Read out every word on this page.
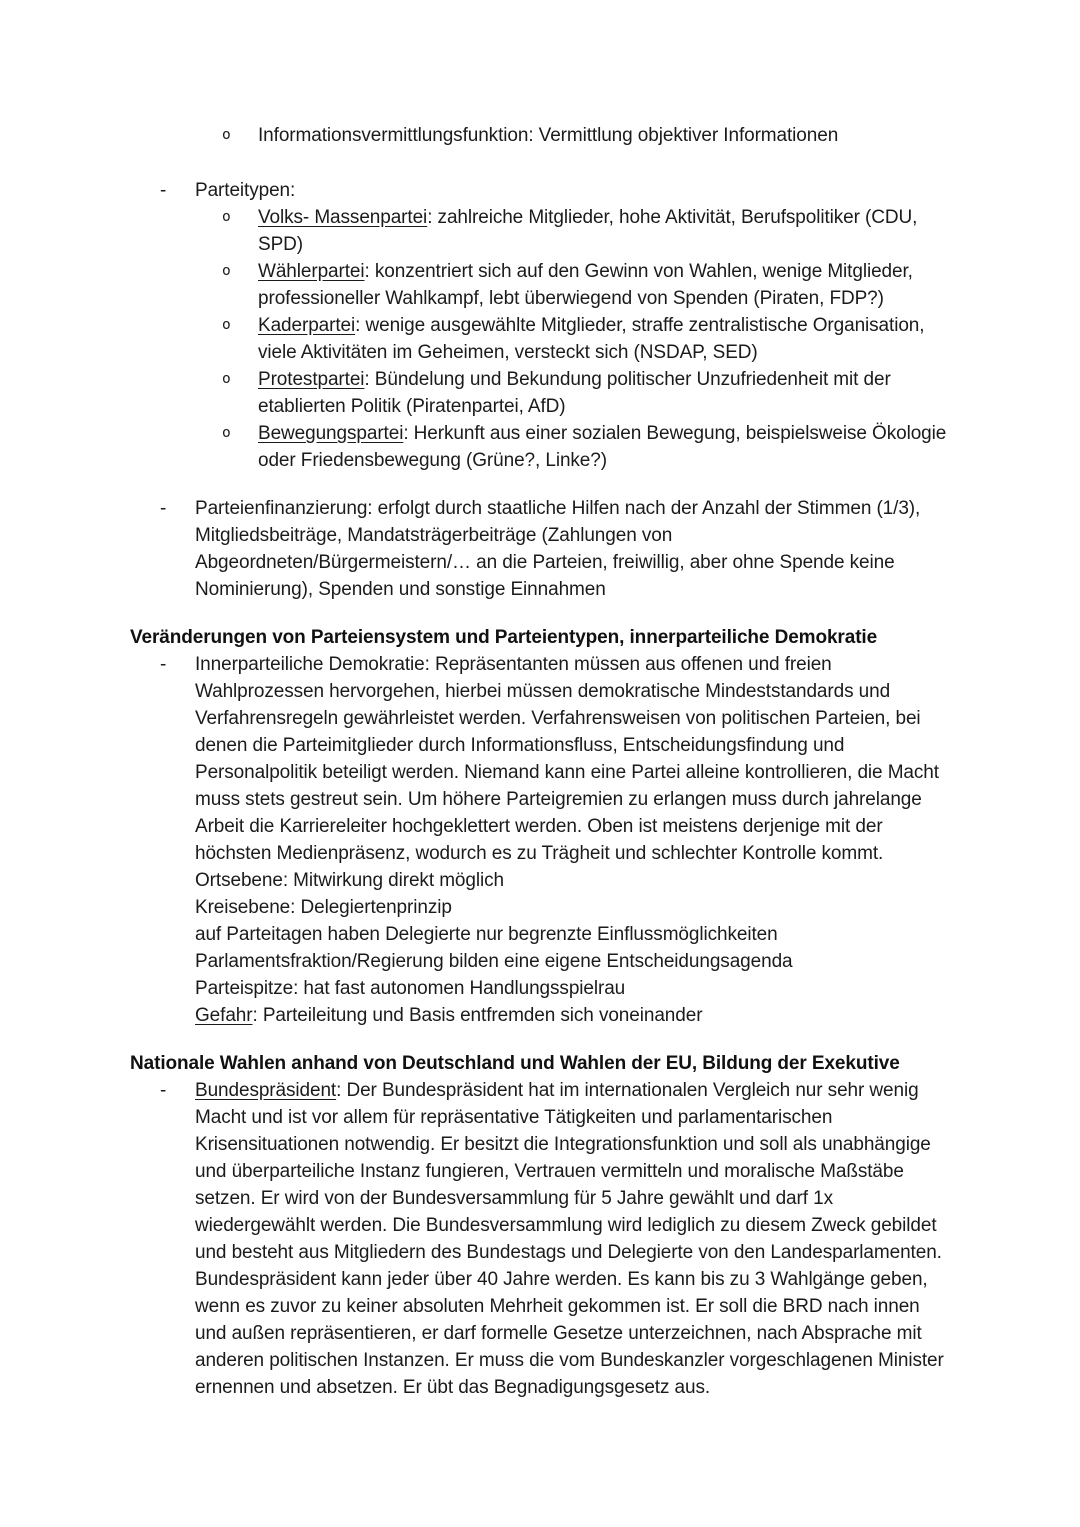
o Informationsvermittlungsfunktion: Vermittlung objektiver Informationen
- Parteitypen:
o Volks- Massenpartei: zahlreiche Mitglieder, hohe Aktivität, Berufspolitiker (CDU, SPD)
o Wählerpartei: konzentriert sich auf den Gewinn von Wahlen, wenige Mitglieder, professioneller Wahlkampf, lebt überwiegend von Spenden (Piraten, FDP?)
o Kaderpartei: wenige ausgewählte Mitglieder, straffe zentralistische Organisation, viele Aktivitäten im Geheimen, versteckt sich (NSDAP, SED)
o Protestpartei: Bündelung und Bekundung politischer Unzufriedenheit mit der etablierten Politik (Piratenpartei, AfD)
o Bewegungspartei: Herkunft aus einer sozialen Bewegung, beispielsweise Ökologie oder Friedensbewegung (Grüne?, Linke?)
- Parteienfinanzierung: erfolgt durch staatliche Hilfen nach der Anzahl der Stimmen (1/3), Mitgliedsbeiträge, Mandatsträgerbeiträge (Zahlungen von Abgeordneten/Bürgermeistern/… an die Parteien, freiwillig, aber ohne Spende keine Nominierung), Spenden und sonstige Einnahmen
Veränderungen von Parteiensystem und Parteientypen, innerparteiliche Demokratie
- Innerparteiliche Demokratie: Repräsentanten müssen aus offenen und freien Wahlprozessen hervorgehen, hierbei müssen demokratische Mindeststandards und Verfahrensregeln gewährleistet werden. Verfahrensweisen von politischen Parteien, bei denen die Parteimitglieder durch Informationsfluss, Entscheidungsfindung und Personalpolitik beteiligt werden. Niemand kann eine Partei alleine kontrollieren, die Macht muss stets gestreut sein. Um höhere Parteigremien zu erlangen muss durch jahrelange Arbeit die Karriereleiter hochgeklettert werden. Oben ist meistens derjenige mit der höchsten Medienpräsenz, wodurch es zu Trägheit und schlechter Kontrolle kommt.
Ortsebene: Mitwirkung direkt möglich
Kreisebene: Delegiertenprinzip
auf Parteitagen haben Delegierte nur begrenzte Einflussmöglichkeiten
Parlamentsfraktion/Regierung bilden eine eigene Entscheidungsagenda
Parteispitze: hat fast autonomen Handlungsspielrau
Gefahr: Parteileitung und Basis entfremden sich voneinander
Nationale Wahlen anhand von Deutschland und Wahlen der EU, Bildung der Exekutive
- Bundespräsident: Der Bundespräsident hat im internationalen Vergleich nur sehr wenig Macht und ist vor allem für repräsentative Tätigkeiten und parlamentarischen Krisensituationen notwendig. Er besitzt die Integrationsfunktion und soll als unabhängige und überparteiliche Instanz fungieren, Vertrauen vermitteln und moralische Maßstäbe setzen. Er wird von der Bundesversammlung für 5 Jahre gewählt und darf 1x wiedergewählt werden. Die Bundesversammlung wird lediglich zu diesem Zweck gebildet und besteht aus Mitgliedern des Bundestags und Delegierte von den Landesparlamenten. Bundespräsident kann jeder über 40 Jahre werden. Es kann bis zu 3 Wahlgänge geben, wenn es zuvor zu keiner absoluten Mehrheit gekommen ist. Er soll die BRD nach innen und außen repräsentieren, er darf formelle Gesetze unterzeichnen, nach Absprache mit anderen politischen Instanzen. Er muss die vom Bundeskanzler vorgeschlagenen Minister ernennen und absetzen. Er übt das Begnadigungsgesetz aus.
